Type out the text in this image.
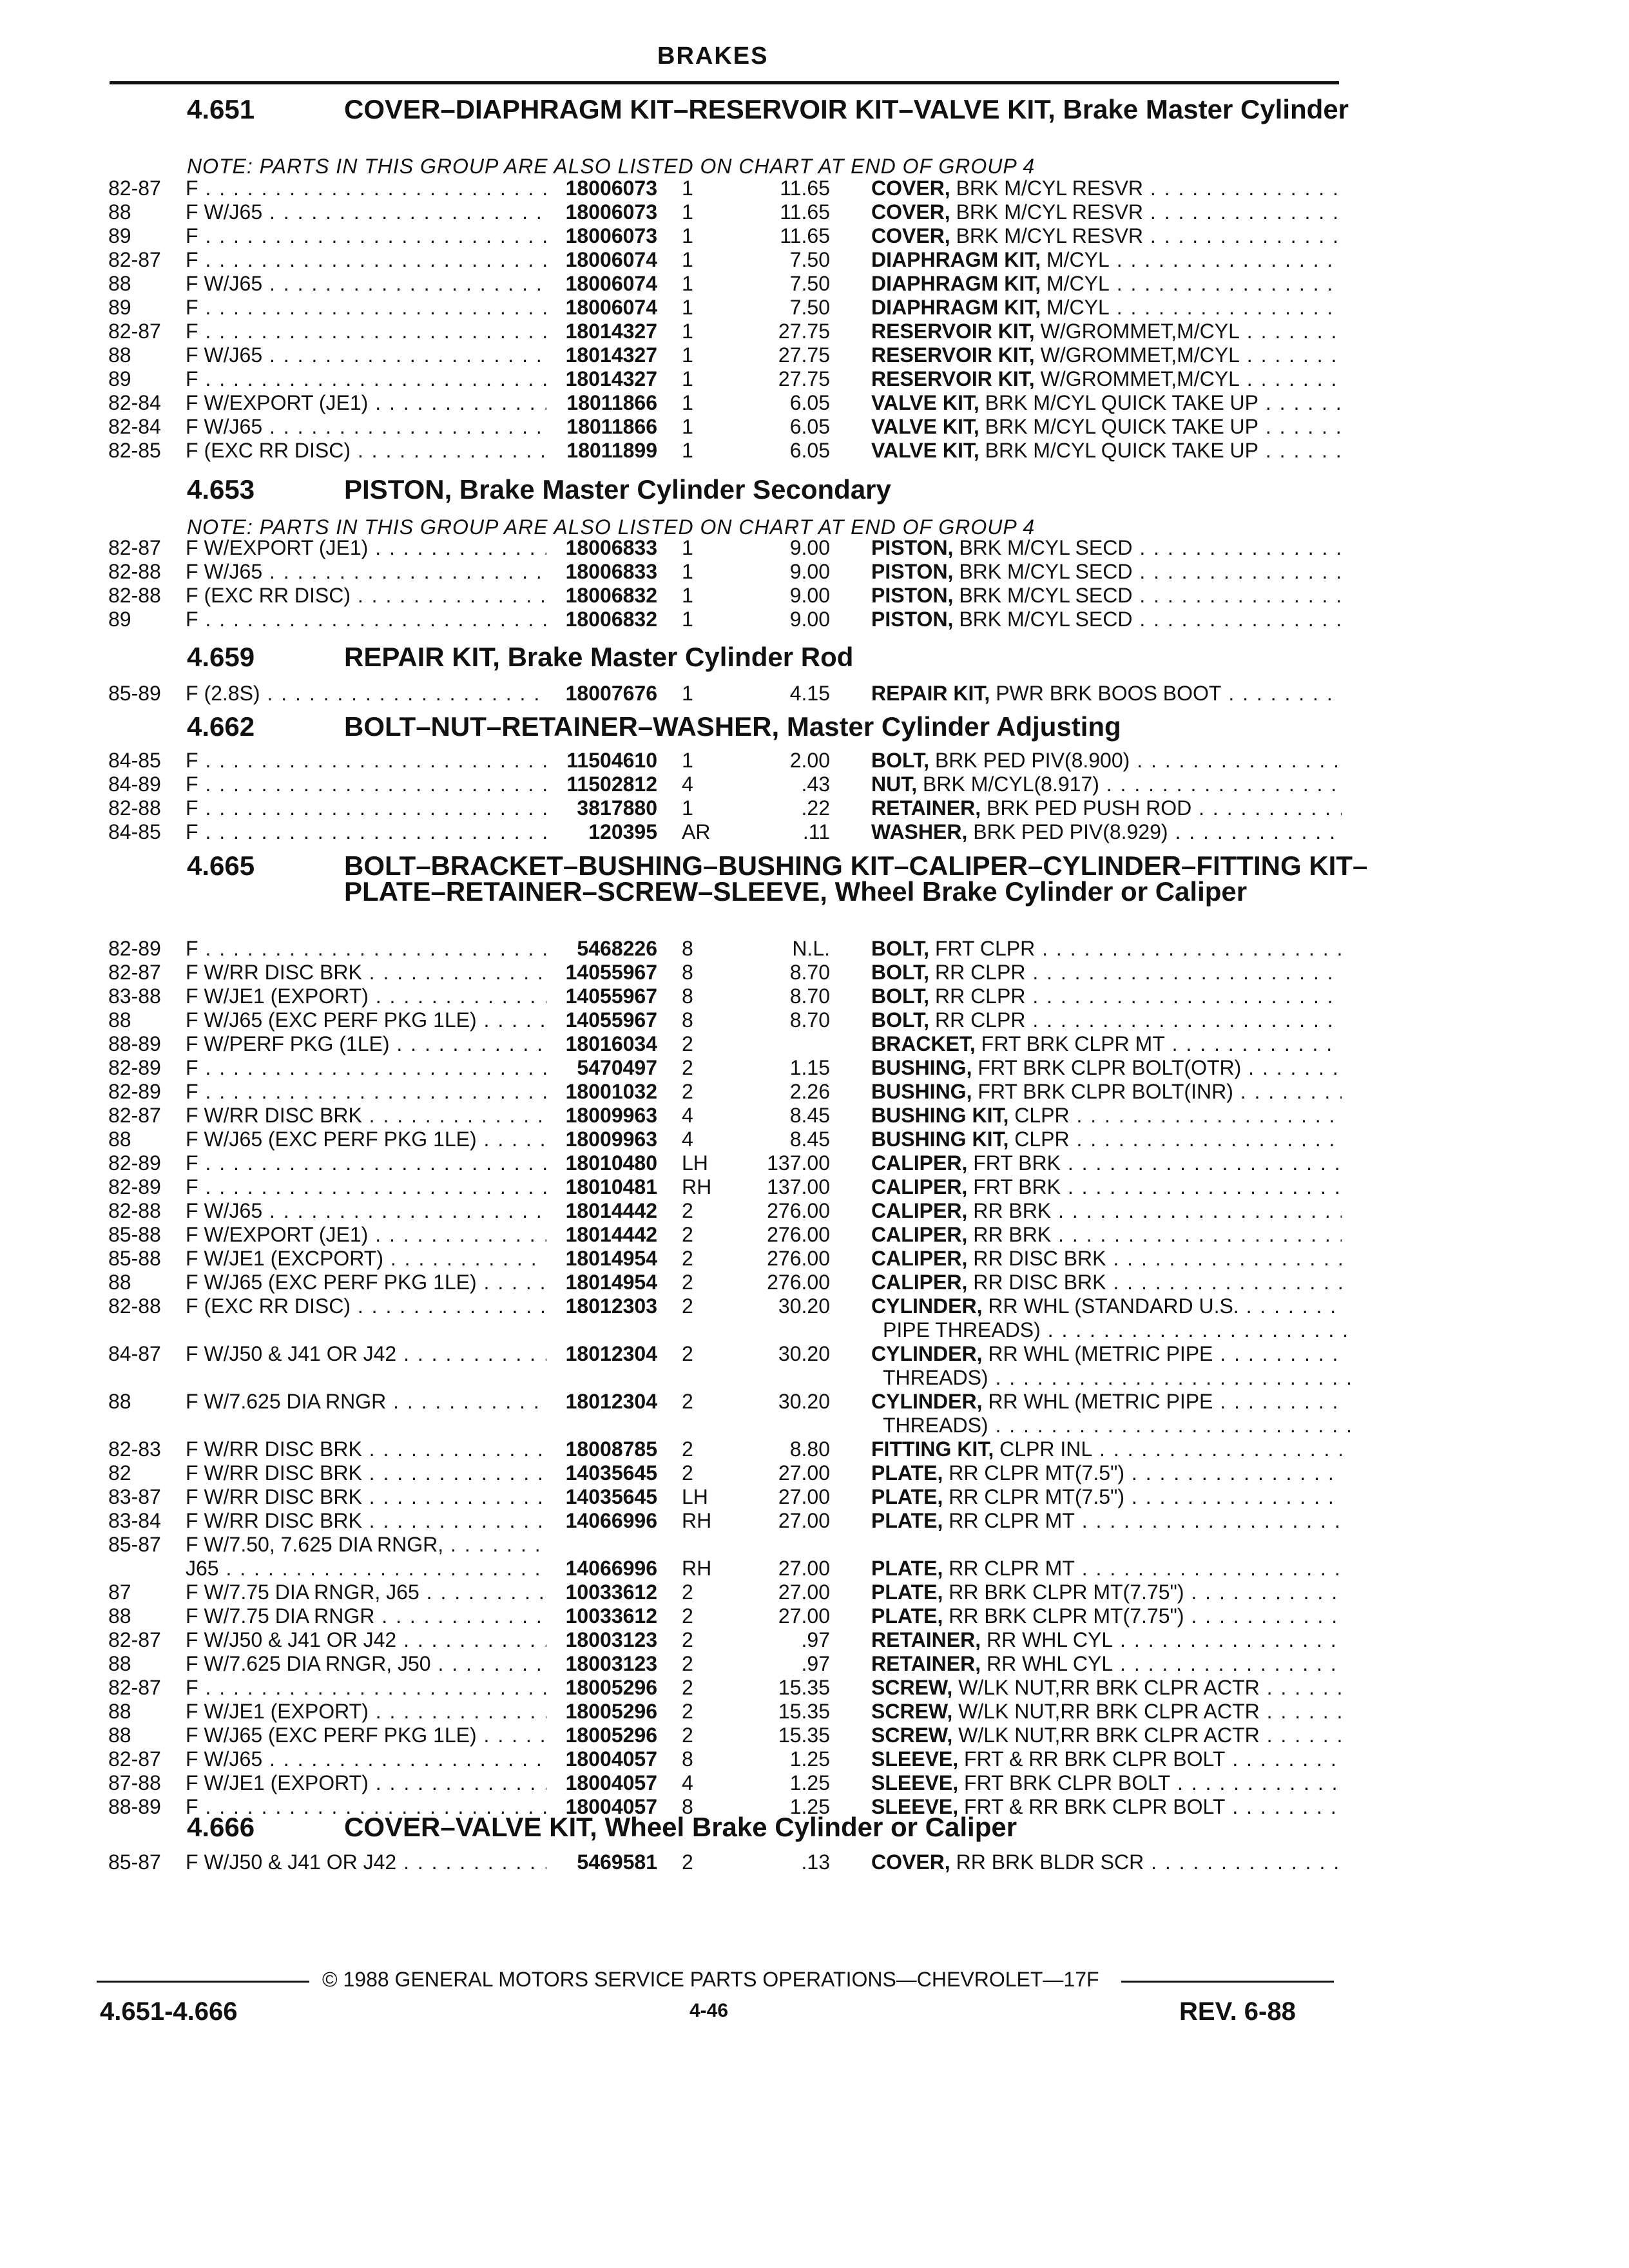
BRAKES
4.651	COVER–DIAPHRAGM KIT–RESERVOIR KIT–VALVE KIT, Brake Master Cylinder
NOTE: PARTS IN THIS GROUP ARE ALSO LISTED ON CHART AT END OF GROUP 4
82-87 F . . .	18006073 1	11.65 COVER, BRK M/CYL RESVR . . .
88	F W/J65 . . .	18006073 1	11.65 COVER, BRK M/CYL RESVR . . .
89	F . . .	18006073 1	11.65 COVER, BRK M/CYL RESVR . . .
82-87 F . . .	18006074 1	7.50 DIAPHRAGM KIT, M/CYL . . .
88	F W/J65 . . .	18006074 1	7.50 DIAPHRAGM KIT, M/CYL . . .
89	F . . .	18006074 1	7.50 DIAPHRAGM KIT, M/CYL . . .
82-87 F . . .	18014327 1	27.75 RESERVOIR KIT, W/GROMMET,M/CYL . . .
88	F W/J65 . . .	18014327 1	27.75 RESERVOIR KIT, W/GROMMET,M/CYL . . .
89	F . . .	18014327 1	27.75 RESERVOIR KIT, W/GROMMET,M/CYL . . .
82-84 F W/EXPORT (JE1) . . .	18011866 1	6.05 VALVE KIT, BRK M/CYL QUICK TAKE UP . . .
82-84 F W/J65 . . .	18011866 1	6.05 VALVE KIT, BRK M/CYL QUICK TAKE UP . . .
82-85 F (EXC RR DISC) . . .	18011899 1	6.05 VALVE KIT, BRK M/CYL QUICK TAKE UP . . .
4.653	PISTON, Brake Master Cylinder Secondary
NOTE: PARTS IN THIS GROUP ARE ALSO LISTED ON CHART AT END OF GROUP 4
82-87 F W/EXPORT (JE1) . . .	18006833 1	9.00 PISTON, BRK M/CYL SECD . . .
82-88 F W/J65 . . .	18006833 1	9.00 PISTON, BRK M/CYL SECD . . .
82-88 F (EXC RR DISC) . . .	18006832 1	9.00 PISTON, BRK M/CYL SECD . . .
89	F . . .	18006832 1	9.00 PISTON, BRK M/CYL SECD . . .
4.659	REPAIR KIT, Brake Master Cylinder Rod
85-89 F (2.8S) . . .	18007676 1	4.15 REPAIR KIT, PWR BRK BOOS BOOT . . .
4.662	BOLT–NUT–RETAINER–WASHER, Master Cylinder Adjusting
84-85 F . . .	11504610 1	2.00 BOLT, BRK PED PIV(8.900) . . .
84-89 F . . .	11502812 4	.43 NUT, BRK M/CYL(8.917) . . .
82-88 F . . .	3817880 1	.22 RETAINER, BRK PED PUSH ROD . . .
84-85 F . . .	120395 AR	.11 WASHER, BRK PED PIV(8.929) . . .
4.665	BOLT–BRACKET–BUSHING–BUSHING KIT–CALIPER–CYLINDER–FITTING KIT–PLATE–RETAINER–SCREW–SLEEVE, Wheel Brake Cylinder or Caliper
82-89 F . . .	5468226 8	N.L. BOLT, FRT CLPR . . .
82-87 F W/RR DISC BRK . . .	14055967 8	8.70 BOLT, RR CLPR . . .
83-88 F W/JE1 (EXPORT) . . .	14055967 8	8.70 BOLT, RR CLPR . . .
88	F W/J65 (EXC PERF PKG 1LE) . . .	14055967 8	8.70 BOLT, RR CLPR . . .
88-89 F W/PERF PKG (1LE) . . .	18016034 2	BRACKET, FRT BRK CLPR MT . . .
82-89 F . . .	5470497 2	1.15 BUSHING, FRT BRK CLPR BOLT(OTR) . . .
82-89 F . . .	18001032 2	2.26 BUSHING, FRT BRK CLPR BOLT(INR) . . .
82-87 F W/RR DISC BRK . . .	18009963 4	8.45 BUSHING KIT, CLPR . . .
88	F W/J65 (EXC PERF PKG 1LE) . . .	18009963 4	8.45 BUSHING KIT, CLPR . . .
82-89 F . . .	18010480 LH	137.00 CALIPER, FRT BRK . . .
82-89 F . . .	18010481 RH	137.00 CALIPER, FRT BRK . . .
82-88 F W/J65 . . .	18014442 2	276.00 CALIPER, RR BRK . . .
85-88 F W/EXPORT (JE1) . . .	18014442 2	276.00 CALIPER, RR BRK . . .
85-88 F W/JE1 (EXCPORT) . . .	18014954 2	276.00 CALIPER, RR DISC BRK . . .
88	F W/J65 (EXC PERF PKG 1LE) . . .	18014954 2	276.00 CALIPER, RR DISC BRK . . .
82-88 F (EXC RR DISC) . . .	18012303 2	30.20 CYLINDER, RR WHL (STANDARD U.S. . . .
PIPE THREADS) . . .
84-87 F W/J50 & J41 OR J42 . . .	18012304 2	30.20 CYLINDER, RR WHL (METRIC PIPE . . .
THREADS) . . .
88	F W/7.625 DIA RNGR . . .	18012304 2	30.20 CYLINDER, RR WHL (METRIC PIPE . . .
THREADS) . . .
82-83 F W/RR DISC BRK . . .	18008785 2	8.80 FITTING KIT, CLPR INL . . .
82	F W/RR DISC BRK . . .	14035645 2	27.00 PLATE, RR CLPR MT(7.5") . . .
83-87 F W/RR DISC BRK . . .	14035645 LH	27.00 PLATE, RR CLPR MT(7.5") . . .
83-84 F W/RR DISC BRK . . .	14066996 RH	27.00 PLATE, RR CLPR MT . . .
85-87 F W/7.50, 7.625 DIA RNGR, . . .
J65 . . .	14066996 RH	27.00 PLATE, RR CLPR MT . . .
87	F W/7.75 DIA RNGR, J65 . . .	10033612 2	27.00 PLATE, RR BRK CLPR MT(7.75") . . .
88	F W/7.75 DIA RNGR . . .	10033612 2	27.00 PLATE, RR BRK CLPR MT(7.75") . . .
82-87 F W/J50 & J41 OR J42 . . .	18003123 2	.97 RETAINER, RR WHL CYL . . .
88	F W/7.625 DIA RNGR, J50 . . .	18003123 2	.97 RETAINER, RR WHL CYL . . .
82-87 F . . .	18005296 2	15.35 SCREW, W/LK NUT,RR BRK CLPR ACTR . . .
88	F W/JE1 (EXPORT) . . .	18005296 2	15.35 SCREW, W/LK NUT,RR BRK CLPR ACTR . . .
88	F W/J65 (EXC PERF PKG 1LE) . . .	18005296 2	15.35 SCREW, W/LK NUT,RR BRK CLPR ACTR . . .
82-87 F W/J65 . . .	18004057 8	1.25 SLEEVE, FRT & RR BRK CLPR BOLT . . .
87-88 F W/JE1 (EXPORT) . . .	18004057 4	1.25 SLEEVE, FRT BRK CLPR BOLT . . .
88-89 F . . .	18004057 8	1.25 SLEEVE, FRT & RR BRK CLPR BOLT . . .
4.666	COVER–VALVE KIT, Wheel Brake Cylinder or Caliper
85-87 F W/J50 & J41 OR J42 . . .	5469581 2	.13 COVER, RR BRK BLDR SCR . . .
© 1988 GENERAL MOTORS SERVICE PARTS OPERATIONS—CHEVROLET—17F
4.651-4.666	4-46	REV. 6-88
